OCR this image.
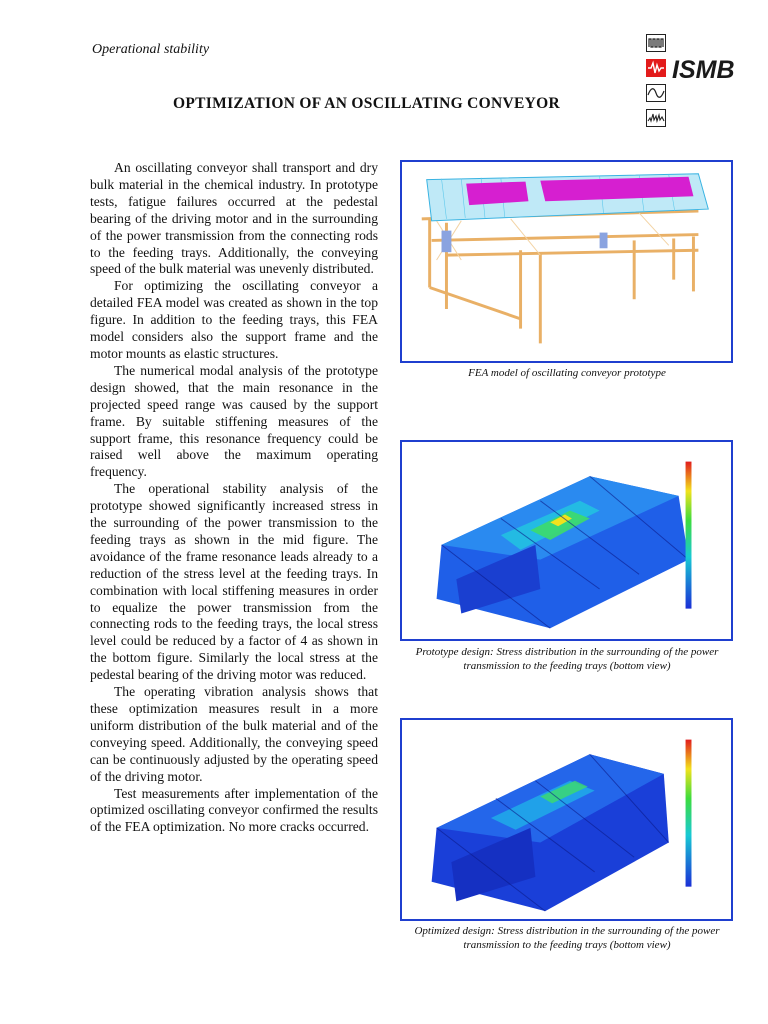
Operational stability
ISMB
OPTIMIZATION OF AN OSCILLATING CONVEYOR

An oscillating conveyor shall transport and dry bulk material in the chemical industry. In prototype tests, fatigue failures occurred at the pedestal bearing of the driving motor and in the surrounding of the power transmission from the connecting rods to the feeding trays. Additionally, the conveying speed of the bulk material was unevenly distributed.

For optimizing the oscillating conveyor a detailed FEA model was created as shown in the top figure. In addition to the feeding trays, this FEA model considers also the support frame and the motor mounts as elastic structures.

The numerical modal analysis of the prototype design showed, that the main resonance in the projected speed range was caused by the support frame. By suitable stiffening measures of the support frame, this resonance frequency could be raised well above the maximum operating frequency.

The operational stability analysis of the prototype showed significantly increased stress in the surrounding of the power transmission to the feeding trays as shown in the mid figure. The avoidance of the frame resonance leads already to a reduction of the stress level at the feeding trays. In combination with local stiffening measures in order to equalize the power transmission from the connecting rods to the feeding trays, the local stress level could be reduced by a factor of 4 as shown in the bottom figure. Similarly the local stress at the pedestal bearing of the driving motor was reduced.

The operating vibration analysis shows that these optimization measures result in a more uniform distribution of the bulk material and of the conveying speed. Additionally, the conveying speed can be continuously adjusted by the operating speed of the driving motor.

Test measurements after implementation of the optimized oscillating conveyor confirmed the results of the FEA optimization. No more cracks occurred.

FEA model of oscillating conveyor prototype
Prototype design: Stress distribution in the surrounding of the power transmission to the feeding trays (bottom view)
Optimized design: Stress distribution in the surrounding of the power transmission to the feeding trays (bottom view)
